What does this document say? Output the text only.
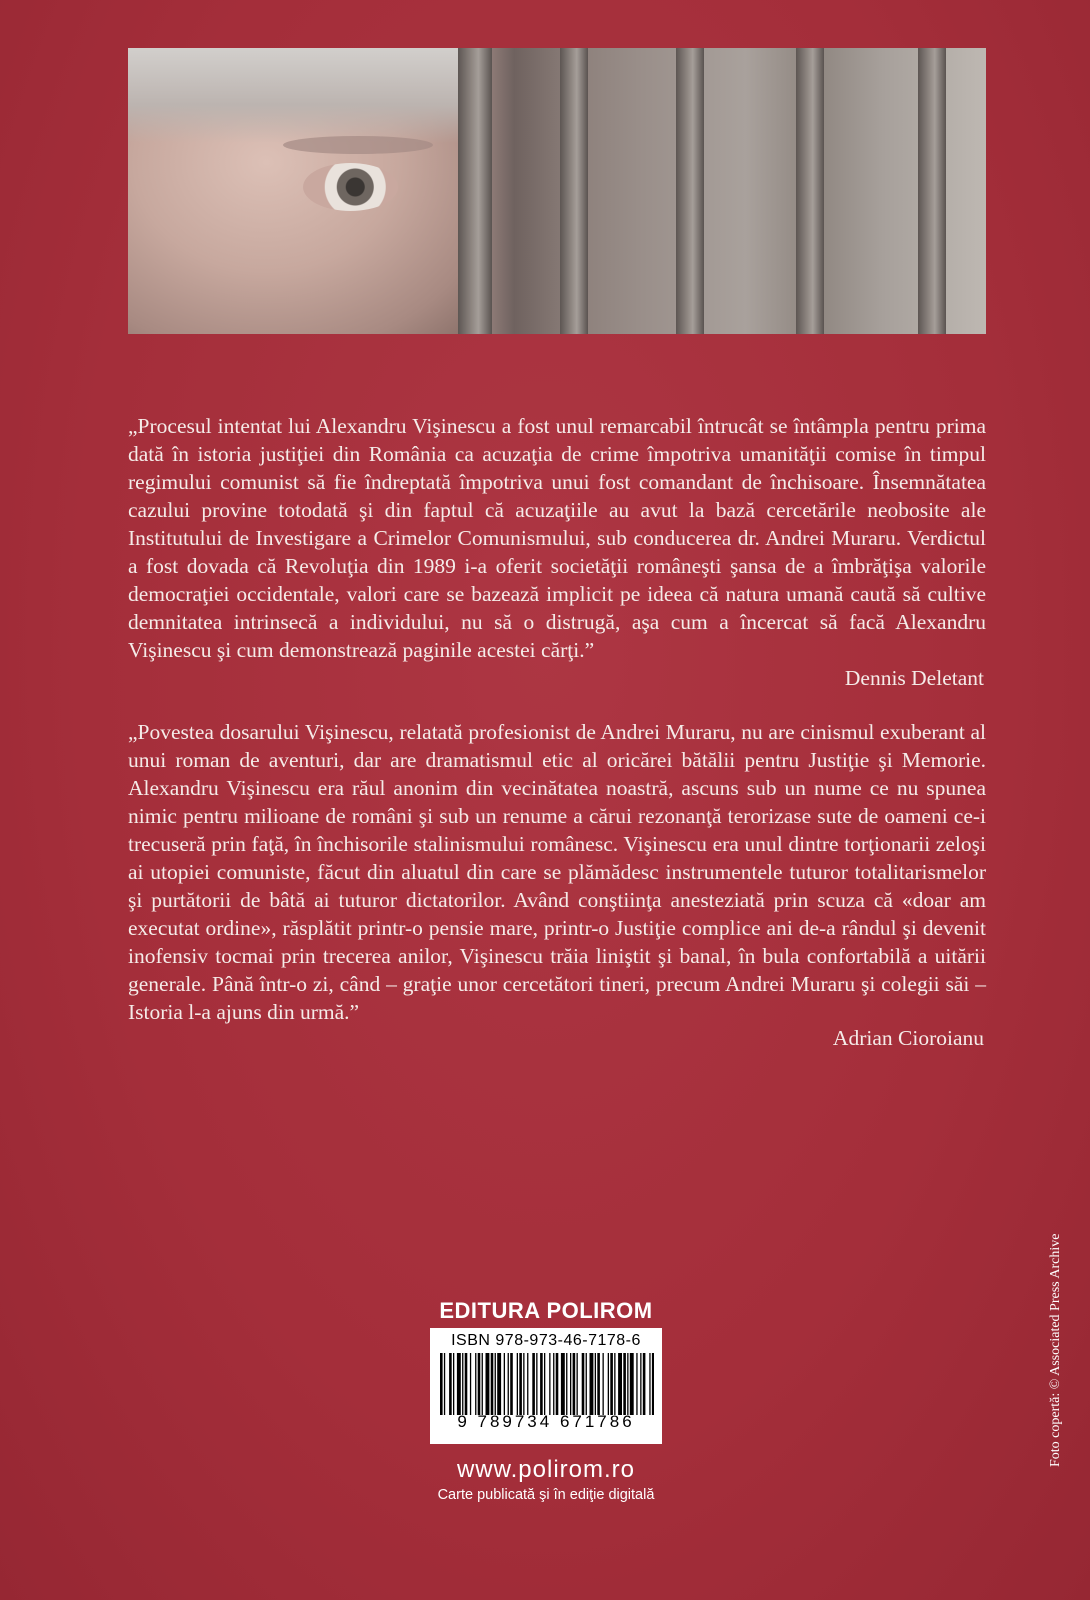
„Procesul intentat lui Alexandru Vişinescu a fost unul remarcabil întrucât se întâmpla pentru prima dată în istoria justiţiei din România ca acuzaţia de crime împotriva umanităţii comise în timpul regimului comunist să fie îndreptată împotriva unui fost comandant de închisoare. Însemnătatea cazului provine totodată şi din faptul că acuzaţiile au avut la bază cercetările neobosite ale Institutului de Investigare a Crimelor Comunismului, sub conducerea dr. Andrei Muraru. Verdictul a fost dovada că Revoluţia din 1989 i-a oferit societăţii româneşti şansa de a îmbrăţişa valorile democraţiei occidentale, valori care se bazează implicit pe ideea că natura umană caută să cultive demnitatea intrinsecă a individului, nu să o distrugă, aşa cum a încercat să facă Alexandru Vişinescu şi cum demonstrează paginile acestei cărţi.”

Dennis Deletant

„Povestea dosarului Vişinescu, relatată profesionist de Andrei Muraru, nu are cinismul exuberant al unui roman de aventuri, dar are dramatismul etic al oricărei bătălii pentru Justiţie şi Memorie. Alexandru Vişinescu era răul anonim din vecinătatea noastră, ascuns sub un nume ce nu spunea nimic pentru milioane de români şi sub un renume a cărui rezonanţă terorizase sute de oameni ce-i trecuseră prin faţă, în închisorile stalinismului românesc. Vişinescu era unul dintre torţionarii zeloşi ai utopiei comuniste, făcut din aluatul din care se plămădesc instrumentele tuturor totalitarismelor şi purtătorii de bâtă ai tuturor dictatorilor. Având conştiinţa anesteziată prin scuza că «doar am executat ordine», răsplătit printr-o pensie mare, printr-o Justiţie complice ani de-a rândul şi devenit inofensiv tocmai prin trecerea anilor, Vişinescu trăia liniştit şi banal, în bula confortabilă a uitării generale. Până într-o zi, când – graţie unor cercetători tineri, precum Andrei Muraru şi colegii săi – Istoria l-a ajuns din urmă.”

Adrian Cioroianu
EDITURA POLIROM
ISBN 978-973-46-7178-6
9 789734 671786
www.polirom.ro
Carte publicată şi în ediţie digitală
Foto copertă: © Associated Press Archive
